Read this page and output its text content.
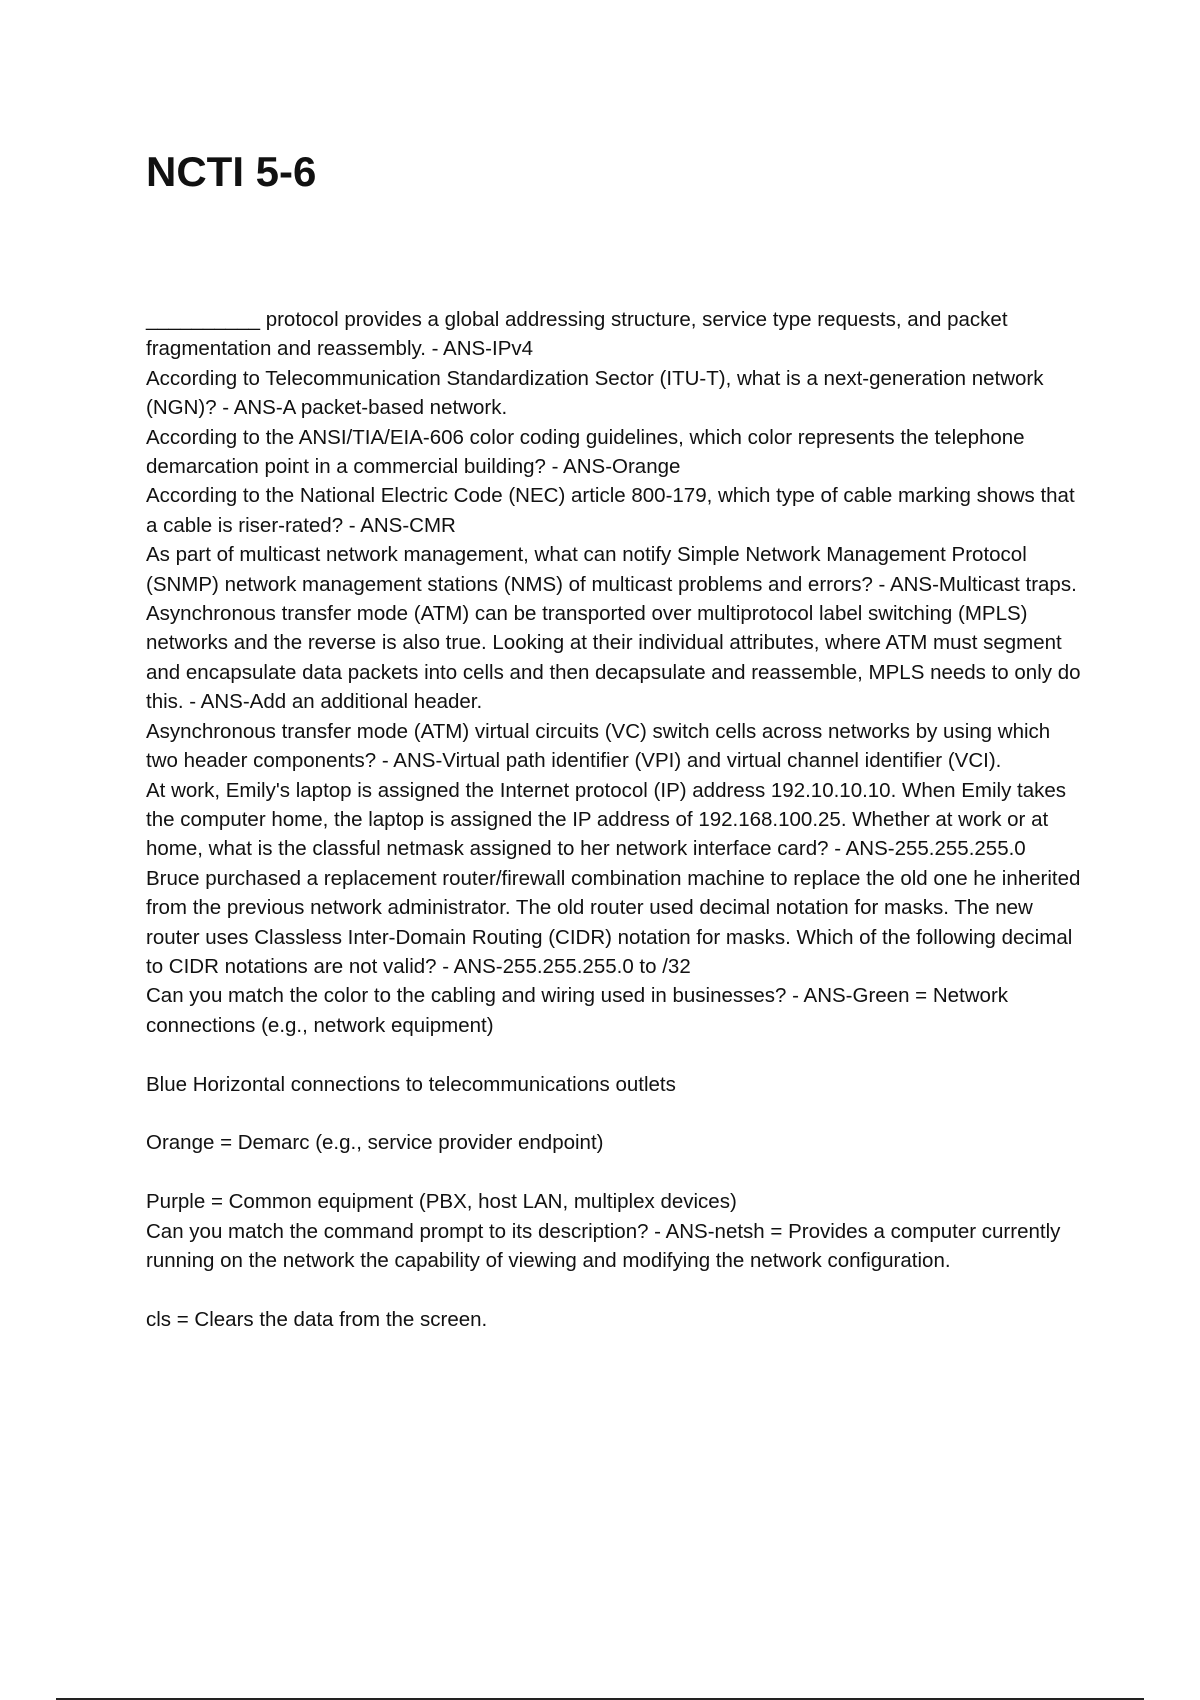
NCTI 5-6

__________ protocol provides a global addressing structure, service type requests, and packet fragmentation and reassembly. - ANS-IPv4

According to Telecommunication Standardization Sector (ITU-T), what is a next-generation network (NGN)? - ANS-A packet-based network.

According to the ANSI/TIA/EIA-606 color coding guidelines, which color represents the telephone demarcation point in a commercial building? - ANS-Orange

According to the National Electric Code (NEC) article 800-179, which type of cable marking shows that a cable is riser-rated? - ANS-CMR

As part of multicast network management, what can notify Simple Network Management Protocol (SNMP) network management stations (NMS) of multicast problems and errors? - ANS-Multicast traps.

Asynchronous transfer mode (ATM) can be transported over multiprotocol label switching (MPLS) networks and the reverse is also true. Looking at their individual attributes, where ATM must segment and encapsulate data packets into cells and then decapsulate and reassemble, MPLS needs to only do this. - ANS-Add an additional header.

Asynchronous transfer mode (ATM) virtual circuits (VC) switch cells across networks by using which two header components? - ANS-Virtual path identifier (VPI) and virtual channel identifier (VCI).

At work, Emily's laptop is assigned the Internet protocol (IP) address 192.10.10.10. When Emily takes the computer home, the laptop is assigned the IP address of 192.168.100.25. Whether at work or at home, what is the classful netmask assigned to her network interface card? - ANS-255.255.255.0

Bruce purchased a replacement router/firewall combination machine to replace the old one he inherited from the previous network administrator. The old router used decimal notation for masks. The new router uses Classless Inter-Domain Routing (CIDR) notation for masks. Which of the following decimal to CIDR notations are not valid? - ANS-255.255.255.0 to /32

Can you match the color to the cabling and wiring used in businesses? - ANS-Green = Network connections (e.g., network equipment)

Blue Horizontal connections to telecommunications outlets

Orange = Demarc (e.g., service provider endpoint)

Purple = Common equipment (PBX, host LAN, multiplex devices)

Can you match the command prompt to its description? - ANS-netsh = Provides a computer currently running on the network the capability of viewing and modifying the network configuration.

cls = Clears the data from the screen.
